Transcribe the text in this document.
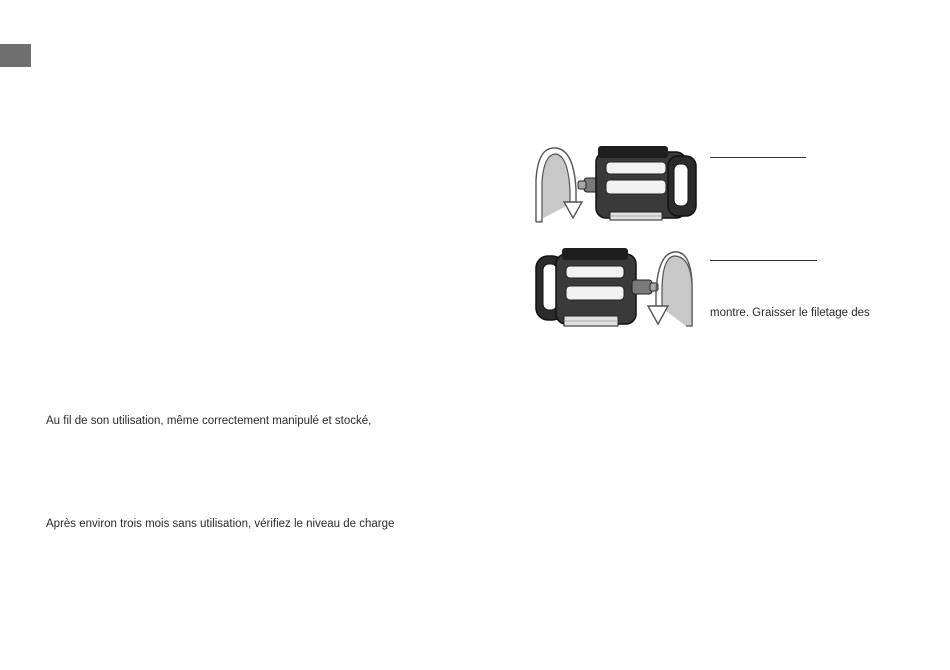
montre. Graisser le filetage des
Au fil de son utilisation, même correctement manipulé et stocké,
Après environ trois mois sans utilisation, vérifiez le niveau de charge
